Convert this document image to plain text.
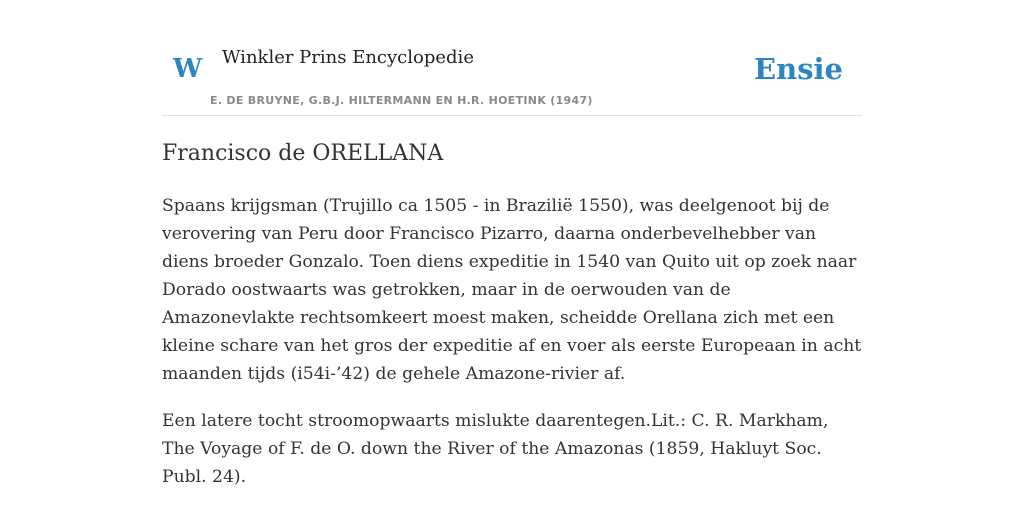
W Winkler Prins Encyclopedie
E. DE BRUYNE, G.B.J. HILTERMANN EN H.R. HOETINK (1947)
Ensie
Francisco de ORELLANA

Spaans krijgsman (Trujillo ca 1505 - in Brazilië 1550), was deelgenoot bij de verovering van Peru door Francisco Pizarro, daarna onderbevelhebber van diens broeder Gonzalo. Toen diens expeditie in 1540 van Quito uit op zoek naar Dorado oostwaarts was getrokken, maar in de oerwouden van de Amazonevlakte rechtsomkeert moest maken, scheidde Orellana zich met een kleine schare van het gros der expeditie af en voer als eerste Europeaan in acht maanden tijds (i54i-’42) de gehele Amazone-rivier af.

Een latere tocht stroomopwaarts mislukte daarentegen.Lit.: C. R. Markham, The Voyage of F. de O. down the River of the Amazonas (1859, Hakluyt Soc. Publ. 24).
